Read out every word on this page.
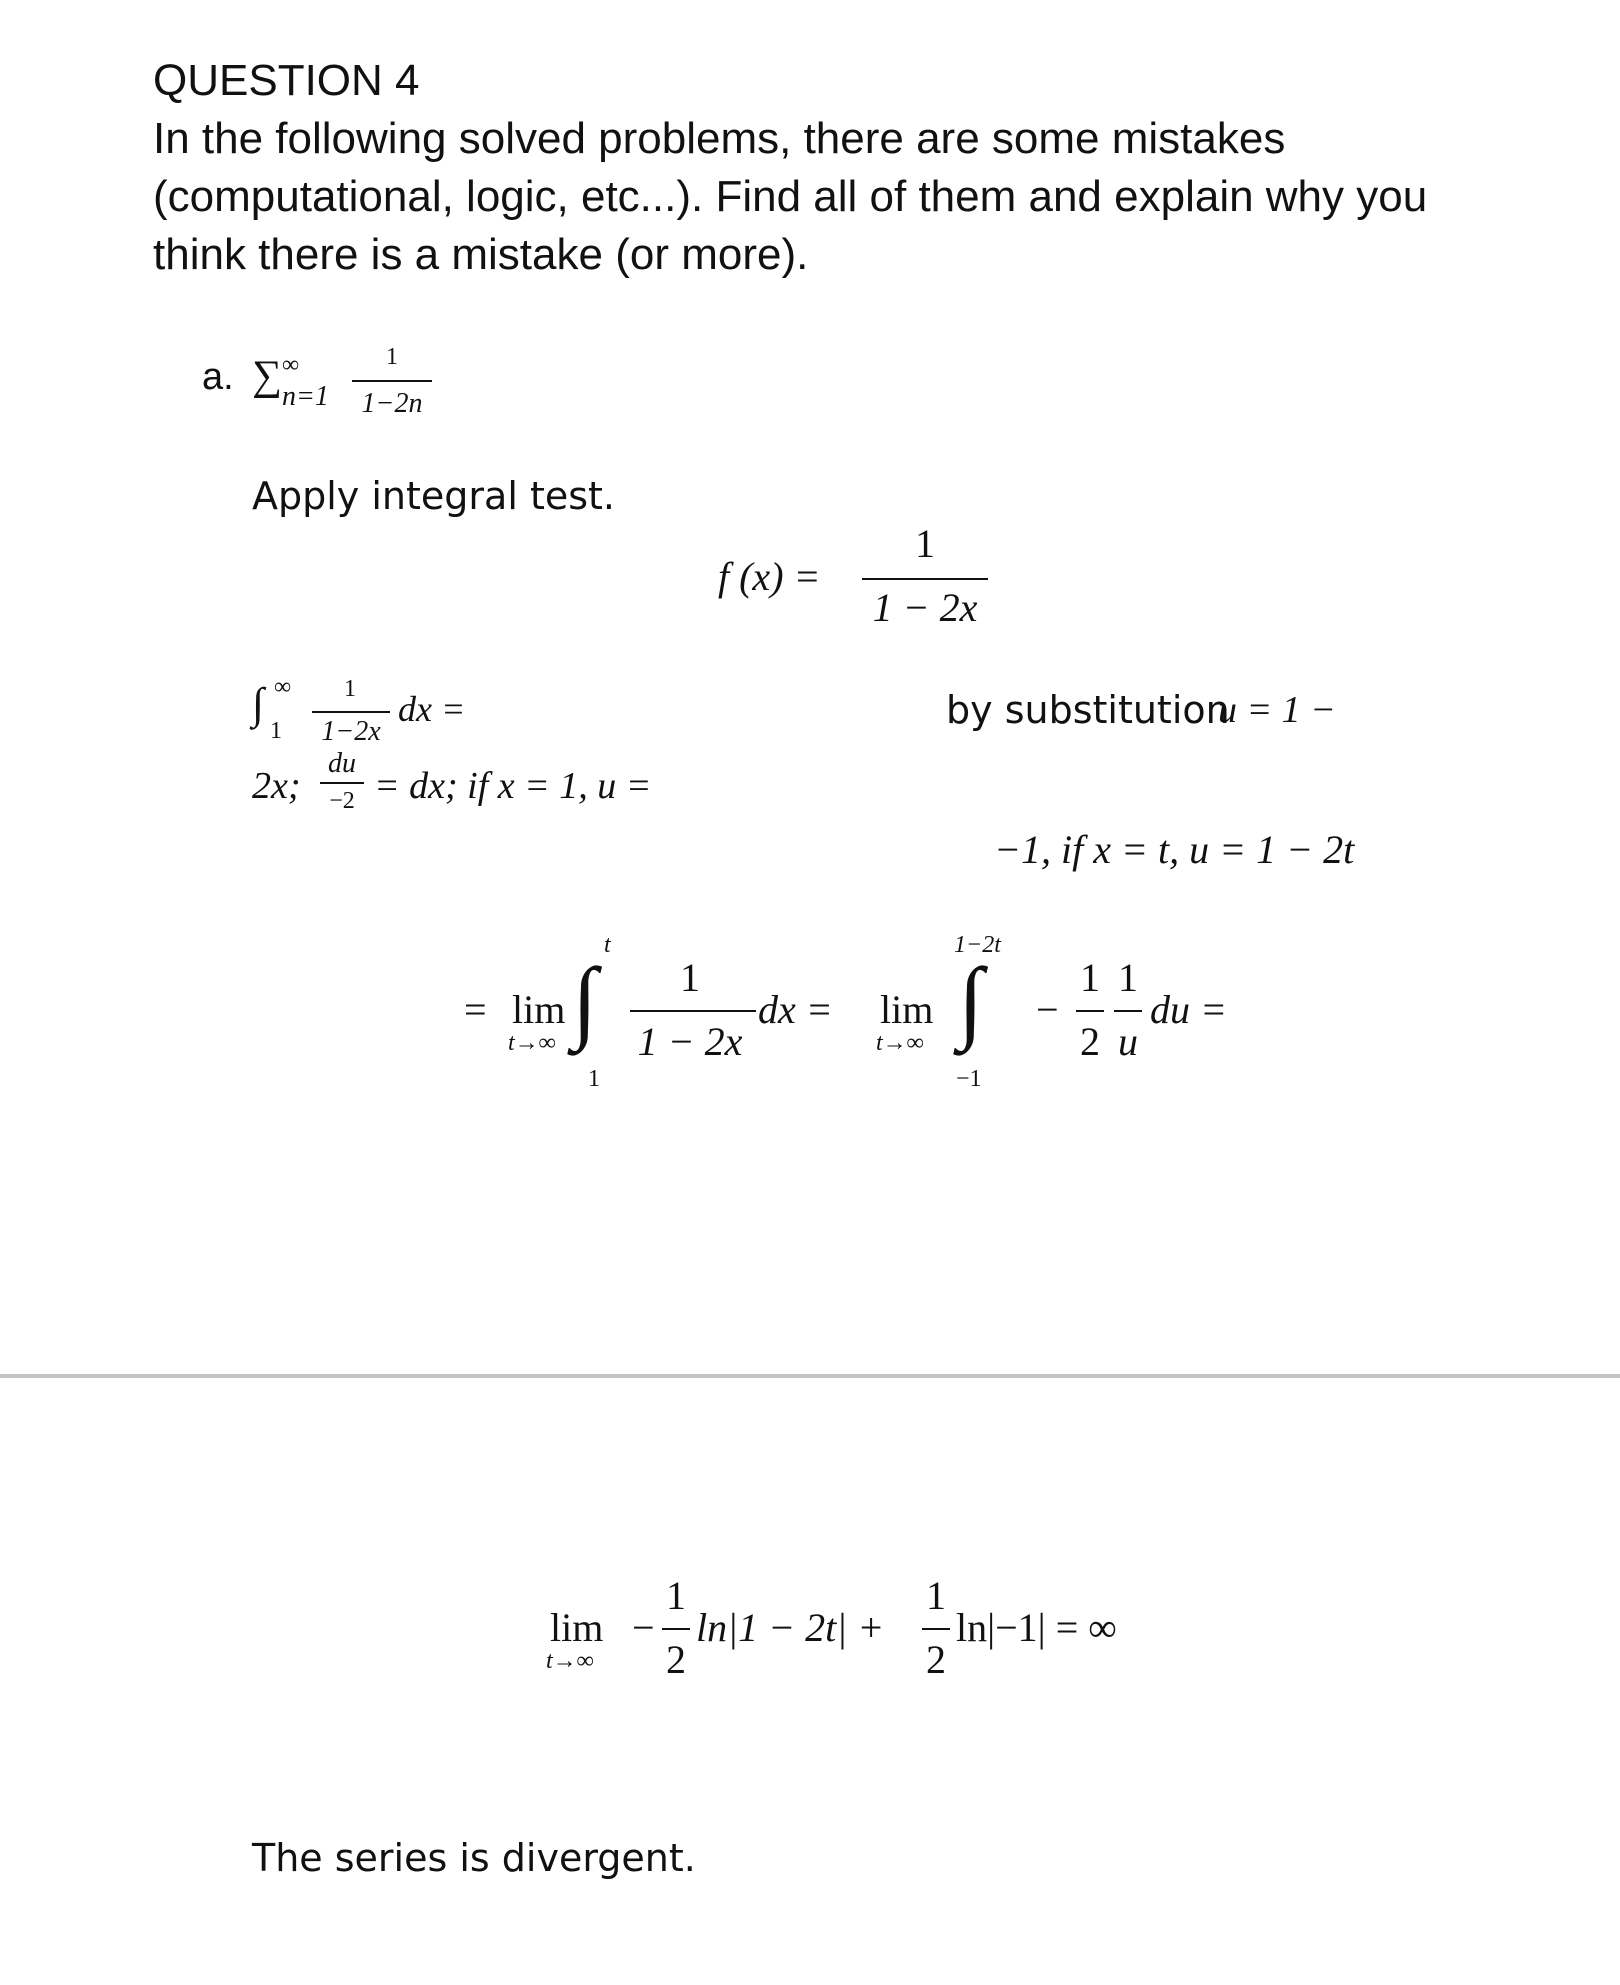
QUESTION 4
In the following solved problems, there are some mistakes
(computational, logic, etc...). Find all of them and explain why you
think there is a mistake (or more).
a. ∑ ∞
n=1
1
1−2n
Apply integral test.
f (x) =
1
1 − 2x
∫ ∞
1
1
1−2x
dx =	by substitution
u = 1 −
2x;
du
−2 = dx; if x = 1, u =
−1, if x = t, u = 1 − 2t
= lim
t→∞
t
∫
1
1
1 − 2x
dx = lim
t→∞
1−2t
∫
−1
−
1
2
1
u
du =
lim
t→∞
−
1
2
ln|1 − 2t| +
1
2
ln|−1| = ∞
The series is divergent.
